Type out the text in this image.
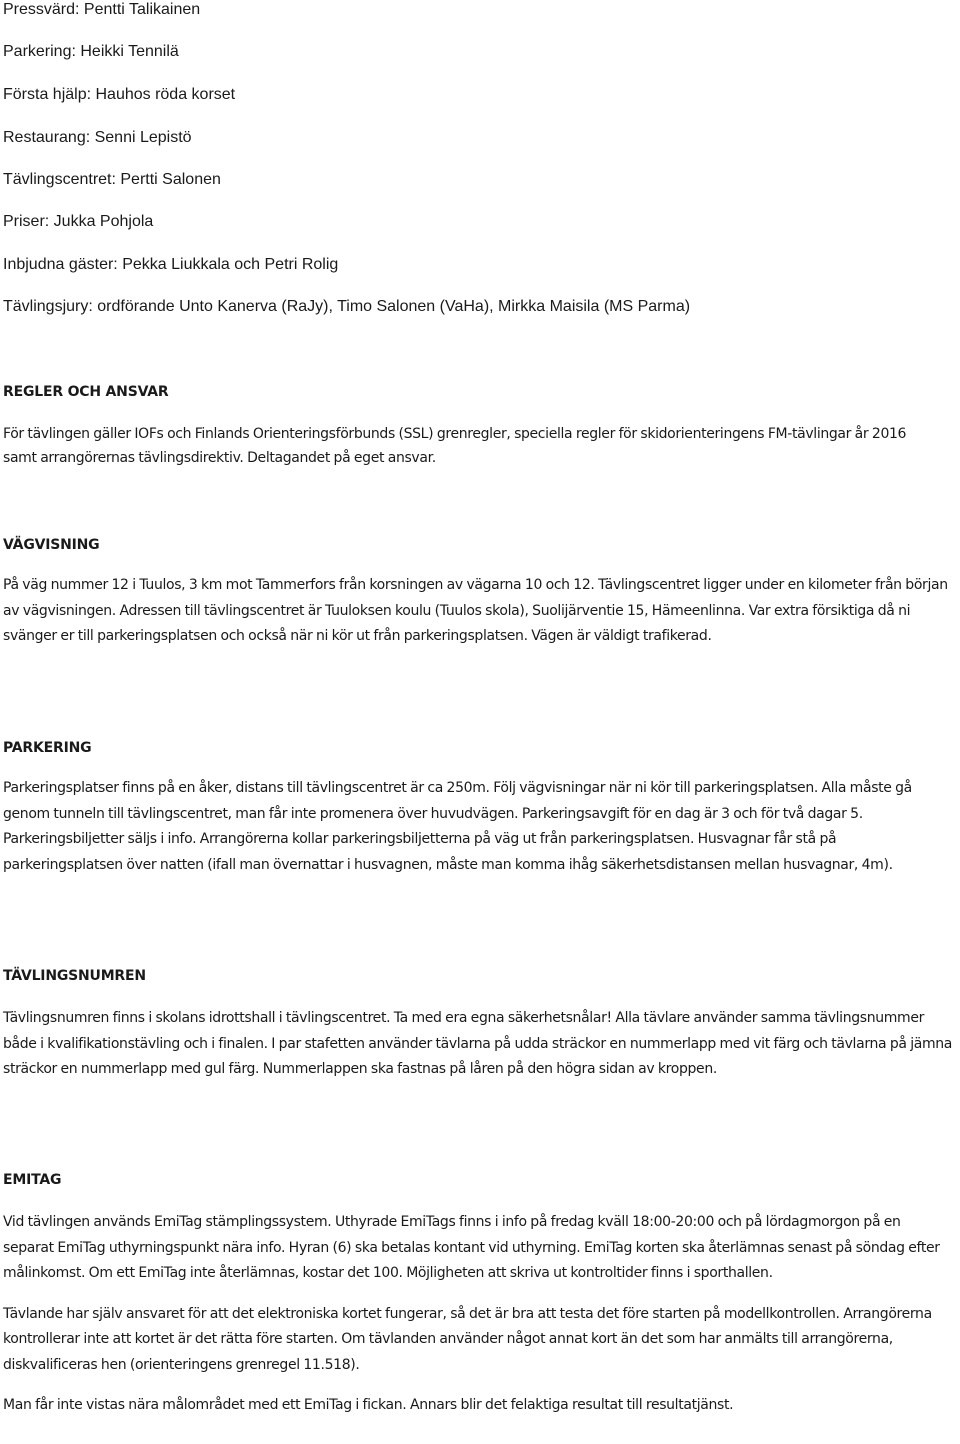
Pressvärd: Pentti Talikainen
Parkering: Heikki Tennilä
Första hjälp: Hauhos röda korset
Restaurang: Senni Lepistö
Tävlingscentret: Pertti Salonen
Priser: Jukka Pohjola
Inbjudna gäster: Pekka Liukkala och Petri Rolig
Tävlingsjury: ordförande Unto Kanerva (RaJy), Timo Salonen (VaHa), Mirkka Maisila (MS Parma)
REGLER OCH ANSVAR

För tävlingen gäller IOFs och Finlands Orienteringsförbunds (SSL) grenregler, speciella regler för skidorienteringens FM-tävlingar år 2016 samt arrangörernas tävlingsdirektiv. Deltagandet på eget ansvar.

VÄGVISNING

På väg nummer 12 i Tuulos, 3 km mot Tammerfors från korsningen av vägarna 10 och 12. Tävlingscentret ligger under en kilometer från början av vägvisningen. Adressen till tävlingscentret är Tuuloksen koulu (Tuulos skola), Suolijärventie 15, Hämeenlinna. Var extra försiktiga då ni svänger er till parkeringsplatsen och också när ni kör ut från parkeringsplatsen. Vägen är väldigt trafikerad.

PARKERING

Parkeringsplatser finns på en åker, distans till tävlingscentret är ca 250m. Följ vägvisningar när ni kör till parkeringsplatsen. Alla måste gå genom tunneln till tävlingscentret, man får inte promenera över huvudvägen. Parkeringsavgift för en dag är 3 och för två dagar 5. Parkeringsbiljetter säljs i info. Arrangörerna kollar parkeringsbiljetterna på väg ut från parkeringsplatsen. Husvagnar får stå på parkeringsplatsen över natten (ifall man övernattar i husvagnen, måste man komma ihåg säkerhetsdistansen mellan husvagnar, 4m).

TÄVLINGSNUMREN

Tävlingsnumren finns i skolans idrottshall i tävlingscentret. Ta med era egna säkerhetsnålar! Alla tävlare använder samma tävlingsnummer både i kvalifikationstävling och i finalen. I par stafetten använder tävlarna på udda sträckor en nummerlapp med vit färg och tävlarna på jämna sträckor en nummerlapp med gul färg. Nummerlappen ska fastnas på låren på den högra sidan av kroppen.

EMITAG

Vid tävlingen används EmiTag stämplingssystem. Uthyrade EmiTags finns i info på fredag kväll 18:00-20:00 och på lördagmorgon på en separat EmiTag uthyrningspunkt nära info. Hyran (6) ska betalas kontant vid uthyrning. EmiTag korten ska återlämnas senast på söndag efter målinkomst. Om ett EmiTag inte återlämnas, kostar det 100. Möjligheten att skriva ut kontroltider finns i sporthallen.

Tävlande har själv ansvaret för att det elektroniska kortet fungerar, så det är bra att testa det före starten på modellkontrollen. Arrangörerna kontrollerar inte att kortet är det rätta före starten. Om tävlanden använder något annat kort än det som har anmälts till arrangörerna, diskvalificeras hen (orienteringens grenregel 11.518).

Man får inte vistas nära målområdet med ett EmiTag i fickan. Annars blir det felaktiga resultat till resultatjänst.
